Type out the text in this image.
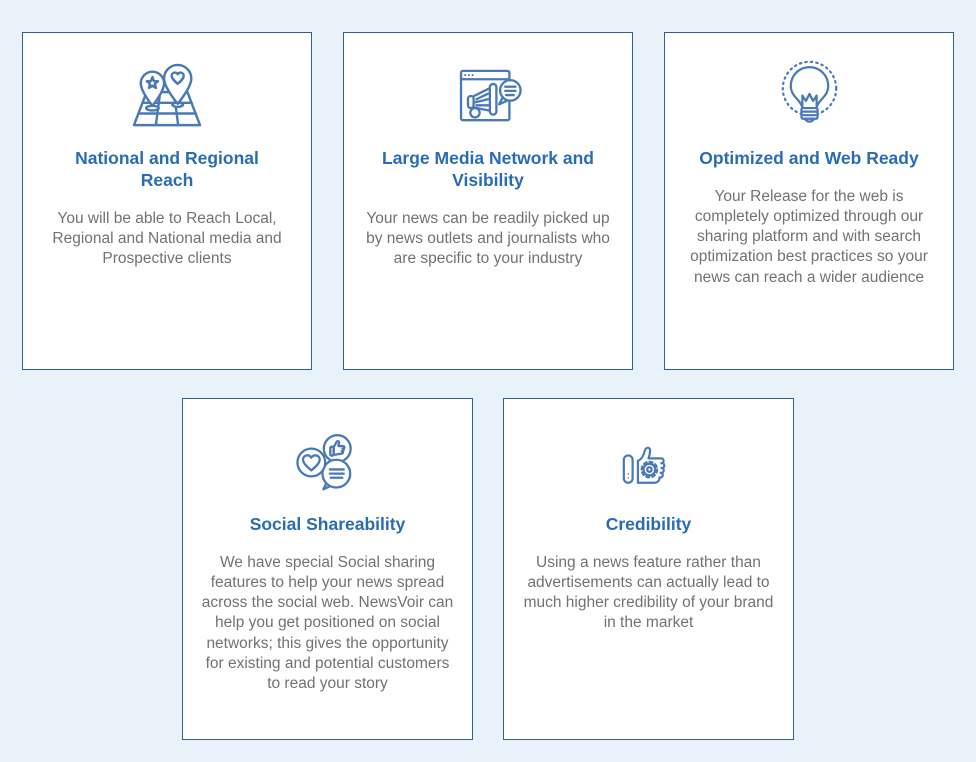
National and Regional Reach

You will be able to Reach Local, Regional and National media and Prospective clients

Large Media Network and Visibility

Your news can be readily picked up by news outlets and journalists who are specific to your industry

Optimized and Web Ready

Your Release for the web is completely optimized through our sharing platform and with search optimization best practices so your news can reach a wider audience

Social Shareability

We have special Social sharing features to help your news spread across the social web. NewsVoir can help you get positioned on social networks; this gives the opportunity for existing and potential customers to read your story

Credibility

Using a news feature rather than advertisements can actually lead to much higher credibility of your brand in the market
